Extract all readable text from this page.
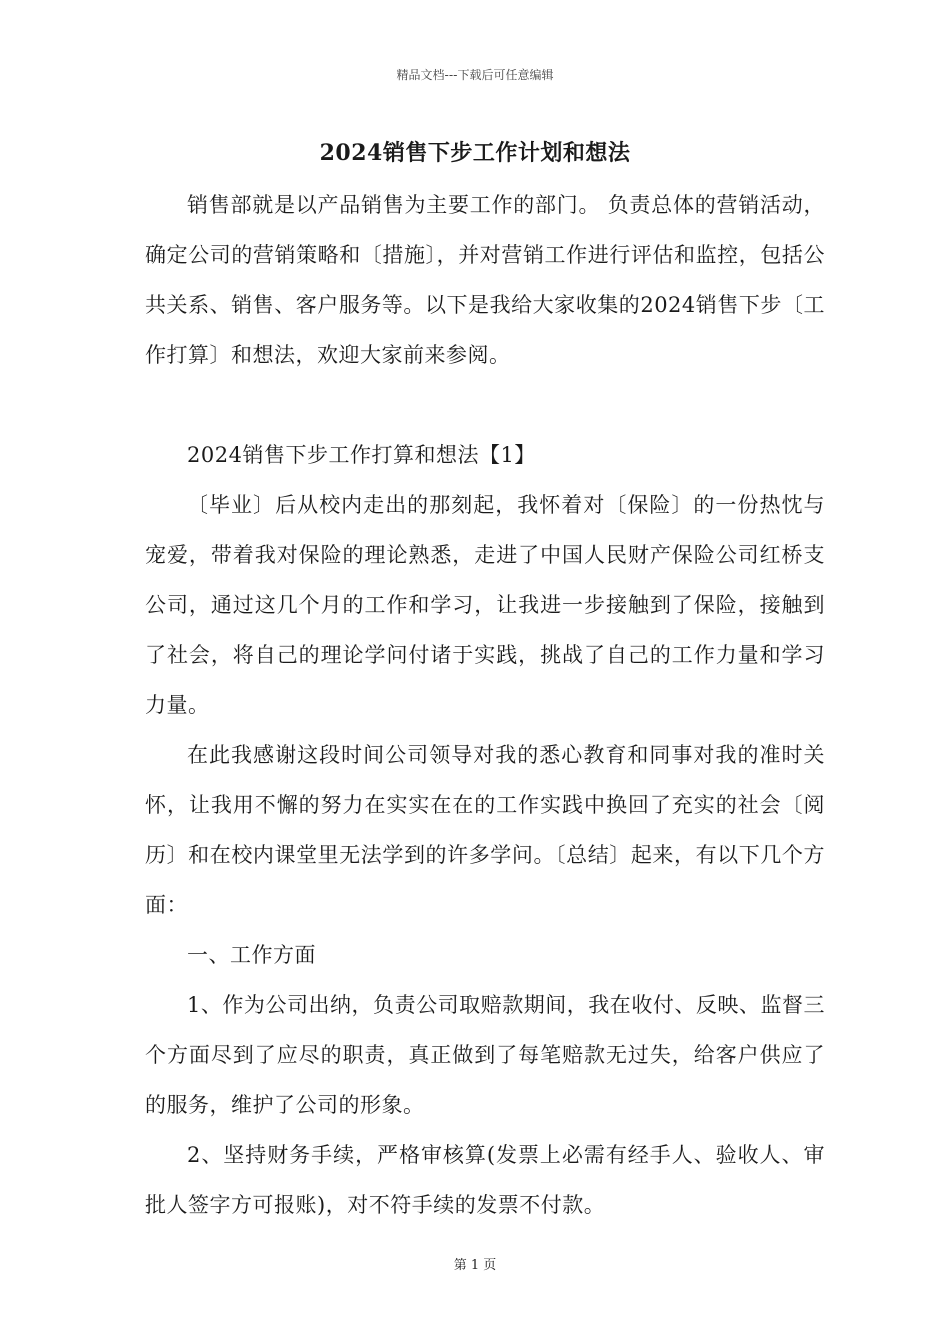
精品文档---下载后可任意编辑
2024销售下步工作计划和想法

销售部就是以产品销售为主要工作的部门。 负责总体的营销活动，确定公司的营销策略和〔措施〕，并对营销工作进行评估和监控，包括公共关系、销售、客户服务等。以下是我给大家收集的2024销售下步〔工作打算〕和想法，欢迎大家前来参阅。

2024销售下步工作打算和想法【1】

〔毕业〕后从校内走出的那刻起，我怀着对〔保险〕的一份热忱与宠爱，带着我对保险的理论熟悉，走进了中国人民财产保险公司红桥支公司，通过这几个月的工作和学习，让我进一步接触到了保险，接触到了社会，将自己的理论学问付诸于实践，挑战了自己的工作力量和学习力量。

在此我感谢这段时间公司领导对我的悉心教育和同事对我的准时关怀，让我用不懈的努力在实实在在的工作实践中换回了充实的社会〔阅历〕和在校内课堂里无法学到的许多学问。〔总结〕起来，有以下几个方面：

一、工作方面

1、作为公司出纳，负责公司取赔款期间，我在收付、反映、监督三个方面尽到了应尽的职责，真正做到了每笔赔款无过失，给客户供应了的服务，维护了公司的形象。

2、坚持财务手续，严格审核算(发票上必需有经手人、验收人、审批人签字方可报账)，对不符手续的发票不付款。

第 1 页
